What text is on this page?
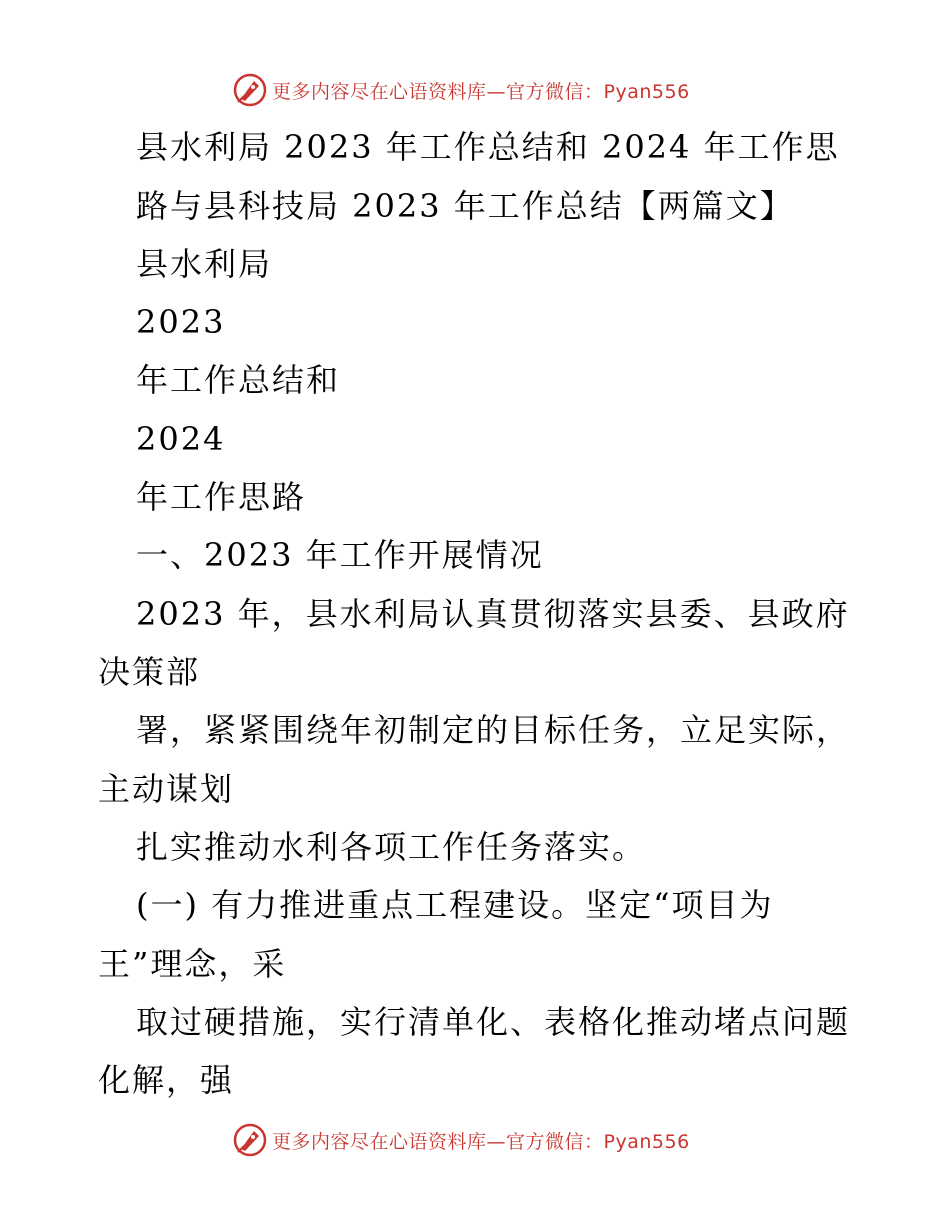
更多内容尽在心语资料库—官方微信：Pyan556
县水利局 2023 年工作总结和 2024 年工作思
路与县科技局 2023 年工作总结【两篇文】
县水利局
2023
年工作总结和
2024
年工作思路
一、2023 年工作开展情况
2023 年，县水利局认真贯彻落实县委、县政府
决策部
署，紧紧围绕年初制定的目标任务，立足实际，
主动谋划
扎实推动水利各项工作任务落实。
(一) 有力推进重点工程建设。坚定“项目为
王”理念，采
取过硬措施，实行清单化、表格化推动堵点问题
化解，强
更多内容尽在心语资料库—官方微信：Pyan556
